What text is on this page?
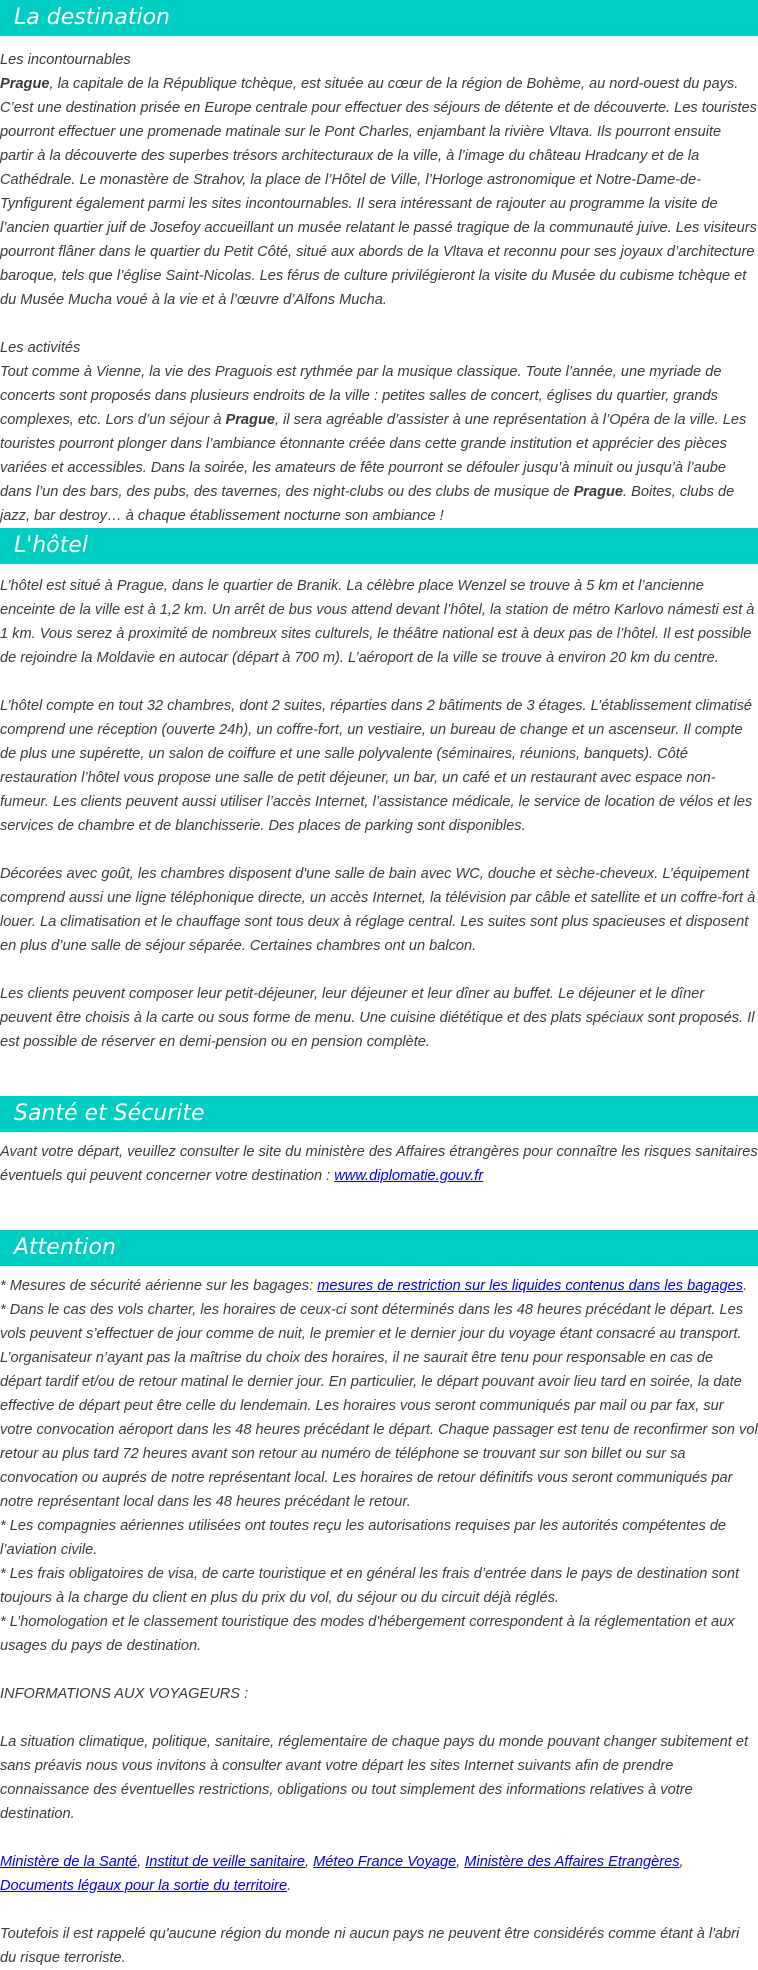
La destination

Les incontournables

Prague, la capitale de la République tchèque, est située au cœur de la région de Bohème, au nord-ouest du pays. C’est une destination prisée en Europe centrale pour effectuer des séjours de détente et de découverte. Les touristes pourront effectuer une promenade matinale sur le Pont Charles, enjambant la rivière Vltava. Ils pourront ensuite partir à la découverte des superbes trésors architecturaux de la ville, à l’image du château Hradcany et de la Cathédrale. Le monastère de Strahov, la place de l’Hôtel de Ville, l’Horloge astronomique et Notre-Dame-de-Tynfigurent également parmi les sites incontournables. Il sera intéressant de rajouter au programme la visite de l’ancien quartier juif de Josefoy accueillant un musée relatant le passé tragique de la communauté juive. Les visiteurs pourront flâner dans le quartier du Petit Côté, situé aux abords de la Vltava et reconnu pour ses joyaux d’architecture baroque, tels que l’église Saint-Nicolas. Les férus de culture privilégieront la visite du Musée du cubisme tchèque et du Musée Mucha voué à la vie et à l’œuvre d’Alfons Mucha.

Les activités

Tout comme à Vienne, la vie des Praguois est rythmée par la musique classique. Toute l’année, une myriade de concerts sont proposés dans plusieurs endroits de la ville : petites salles de concert, églises du quartier, grands complexes, etc. Lors d’un séjour à Prague, il sera agréable d’assister à une représentation à l’Opéra de la ville. Les touristes pourront plonger dans l’ambiance étonnante créée dans cette grande institution et apprécier des pièces variées et accessibles. Dans la soirée, les amateurs de fête pourront se défouler jusqu’à minuit ou jusqu’à l’aube dans l’un des bars, des pubs, des tavernes, des night-clubs ou des clubs de musique de Prague. Boites, clubs de jazz, bar destroy… à chaque établissement nocturne son ambiance !

L'hôtel

L’hôtel est situé à Prague, dans le quartier de Branik. La célèbre place Wenzel se trouve à 5 km et l’ancienne enceinte de la ville est à 1,2 km. Un arrêt de bus vous attend devant l’hôtel, la station de métro Karlovo námesti est à 1 km. Vous serez à proximité de nombreux sites culturels, le théâtre national est à deux pas de l’hôtel. Il est possible de rejoindre la Moldavie en autocar (départ à 700 m). L’aéroport de la ville se trouve à environ 20 km du centre.

L’hôtel compte en tout 32 chambres, dont 2 suites, réparties dans 2 bâtiments de 3 étages. L’établissement climatisé comprend une réception (ouverte 24h), un coffre-fort, un vestiaire, un bureau de change et un ascenseur. Il compte de plus une supérette, un salon de coiffure et une salle polyvalente (séminaires, réunions, banquets). Côté restauration l’hôtel vous propose une salle de petit déjeuner, un bar, un café et un restaurant avec espace non-fumeur. Les clients peuvent aussi utiliser l’accès Internet, l’assistance médicale, le service de location de vélos et les services de chambre et de blanchisserie. Des places de parking sont disponibles.

Décorées avec goût, les chambres disposent d'une salle de bain avec WC, douche et sèche-cheveux. L’équipement comprend aussi une ligne téléphonique directe, un accès Internet, la télévision par câble et satellite et un coffre-fort à louer. La climatisation et le chauffage sont tous deux à réglage central. Les suites sont plus spacieuses et disposent en plus d’une salle de séjour séparée. Certaines chambres ont un balcon.

Les clients peuvent composer leur petit-déjeuner, leur déjeuner et leur dîner au buffet. Le déjeuner et le dîner peuvent être choisis à la carte ou sous forme de menu. Une cuisine diététique et des plats spéciaux sont proposés. Il est possible de réserver en demi-pension ou en pension complète.

Santé et Sécurite

Avant votre départ, veuillez consulter le site du ministère des Affaires étrangères pour connaître les risques sanitaires éventuels qui peuvent concerner votre destination : www.diplomatie.gouv.fr

Attention

* Mesures de sécurité aérienne sur les bagages: mesures de restriction sur les liquides contenus dans les bagages.

* Dans le cas des vols charter, les horaires de ceux-ci sont déterminés dans les 48 heures précédant le départ. Les vols peuvent s’effectuer de jour comme de nuit, le premier et le dernier jour du voyage étant consacré au transport. L’organisateur n’ayant pas la maîtrise du choix des horaires, il ne saurait être tenu pour responsable en cas de départ tardif et/ou de retour matinal le dernier jour. En particulier, le départ pouvant avoir lieu tard en soirée, la date effective de départ peut être celle du lendemain. Les horaires vous seront communiqués par mail ou par fax, sur votre convocation aéroport dans les 48 heures précédant le départ. Chaque passager est tenu de reconfirmer son vol retour au plus tard 72 heures avant son retour au numéro de téléphone se trouvant sur son billet ou sur sa convocation ou auprés de notre représentant local. Les horaires de retour définitifs vous seront communiqués par notre représentant local dans les 48 heures précédant le retour.

* Les compagnies aériennes utilisées ont toutes reçu les autorisations requises par les autorités compétentes de l’aviation civile.

* Les frais obligatoires de visa, de carte touristique et en général les frais d’entrée dans le pays de destination sont toujours à la charge du client en plus du prix du vol, du séjour ou du circuit déjà réglés.

* L’homologation et le classement touristique des modes d'hébergement correspondent à la réglementation et aux usages du pays de destination.

INFORMATIONS AUX VOYAGEURS :

La situation climatique, politique, sanitaire, réglementaire de chaque pays du monde pouvant changer subitement et sans préavis nous vous invitons à consulter avant votre départ les sites Internet suivants afin de prendre connaissance des éventuelles restrictions, obligations ou tout simplement des informations relatives à votre destination.

Ministère de la Santé, Institut de veille sanitaire, Méteo France Voyage, Ministère des Affaires Etrangères, Documents légaux pour la sortie du territoire.

Toutefois il est rappelé qu'aucune région du monde ni aucun pays ne peuvent être considérés comme étant à l'abri du risque terroriste.
